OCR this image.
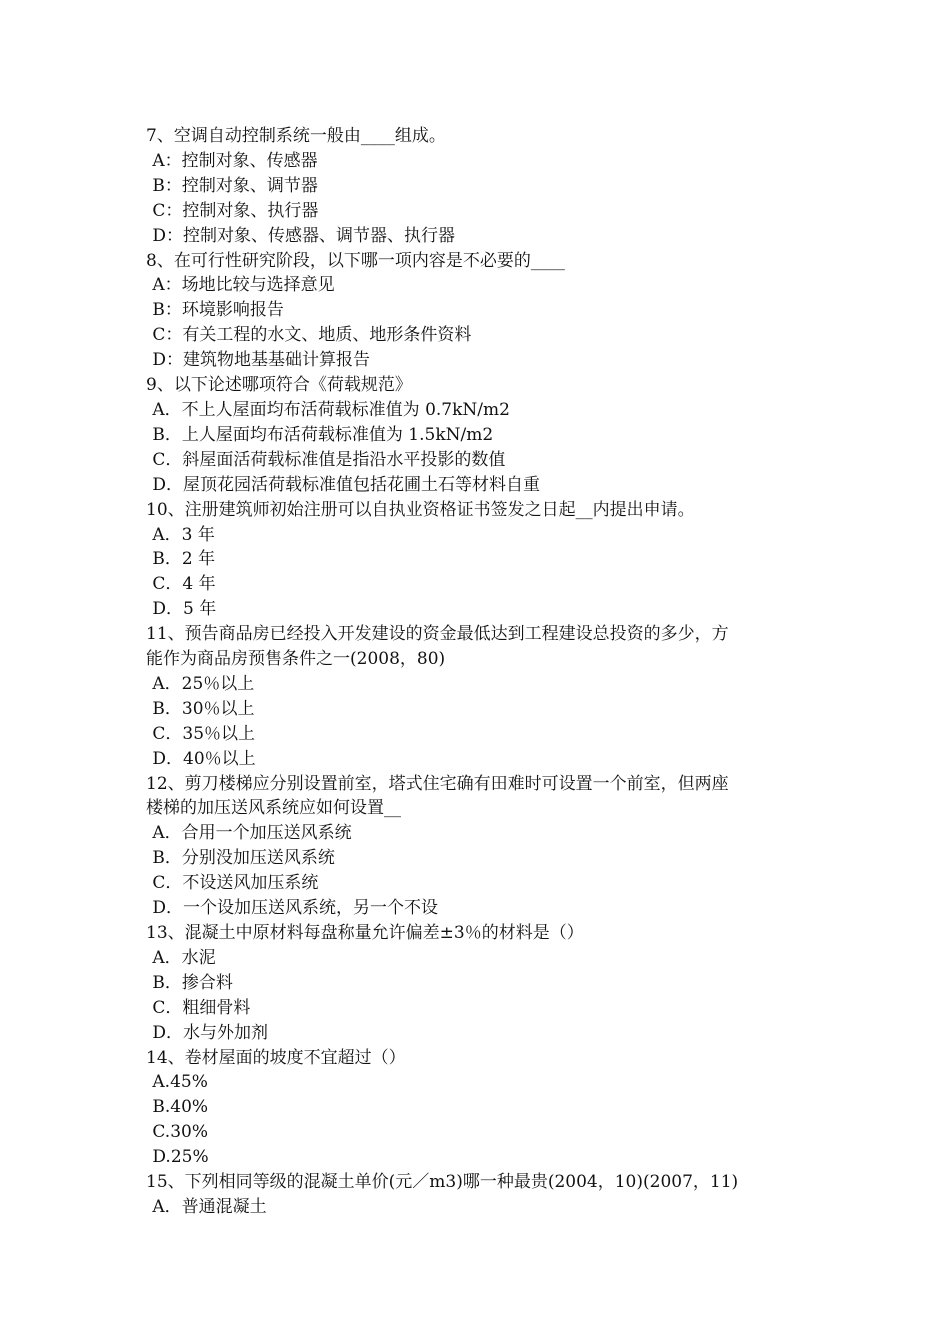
7、空调自动控制系统一般由____组成。
A：控制对象、传感器
B：控制对象、调节器
C：控制对象、执行器
D：控制对象、传感器、调节器、执行器
8、在可行性研究阶段，以下哪一项内容是不必要的____
A：场地比较与选择意见
B：环境影响报告
C：有关工程的水文、地质、地形条件资料
D：建筑物地基基础计算报告
9、以下论述哪项符合《荷载规范》
A．不上人屋面均布活荷载标准值为 0.7kN/m2
B．上人屋面均布活荷载标准值为 1.5kN/m2
C．斜屋面活荷载标准值是指沿水平投影的数值
D．屋顶花园活荷载标准值包括花圃土石等材料自重
10、注册建筑师初始注册可以自执业资格证书签发之日起__内提出申请。
A．3 年
B．2 年
C．4 年
D．5 年
11、预告商品房已经投入开发建设的资金最低达到工程建设总投资的多少，方
能作为商品房预售条件之一(2008，80)
A．25％以上
B．30％以上
C．35％以上
D．40％以上
12、剪刀楼梯应分别设置前室，塔式住宅确有田难时可设置一个前室，但两座
楼梯的加压送风系统应如何设置__
A．合用一个加压送风系统
B．分别没加压送风系统
C．不设送风加压系统
D．一个设加压送风系统，另一个不设
13、混凝土中原材料每盘称量允许偏差±3％的材料是（）
A．水泥
B．掺合料
C．粗细骨料
D．水与外加剂
14、卷材屋面的坡度不宜超过（）
A.45%
B.40%
C.30%
D.25%
15、下列相同等级的混凝土单价(元／m3)哪一种最贵(2004，10)(2007，11)
A．普通混凝土
